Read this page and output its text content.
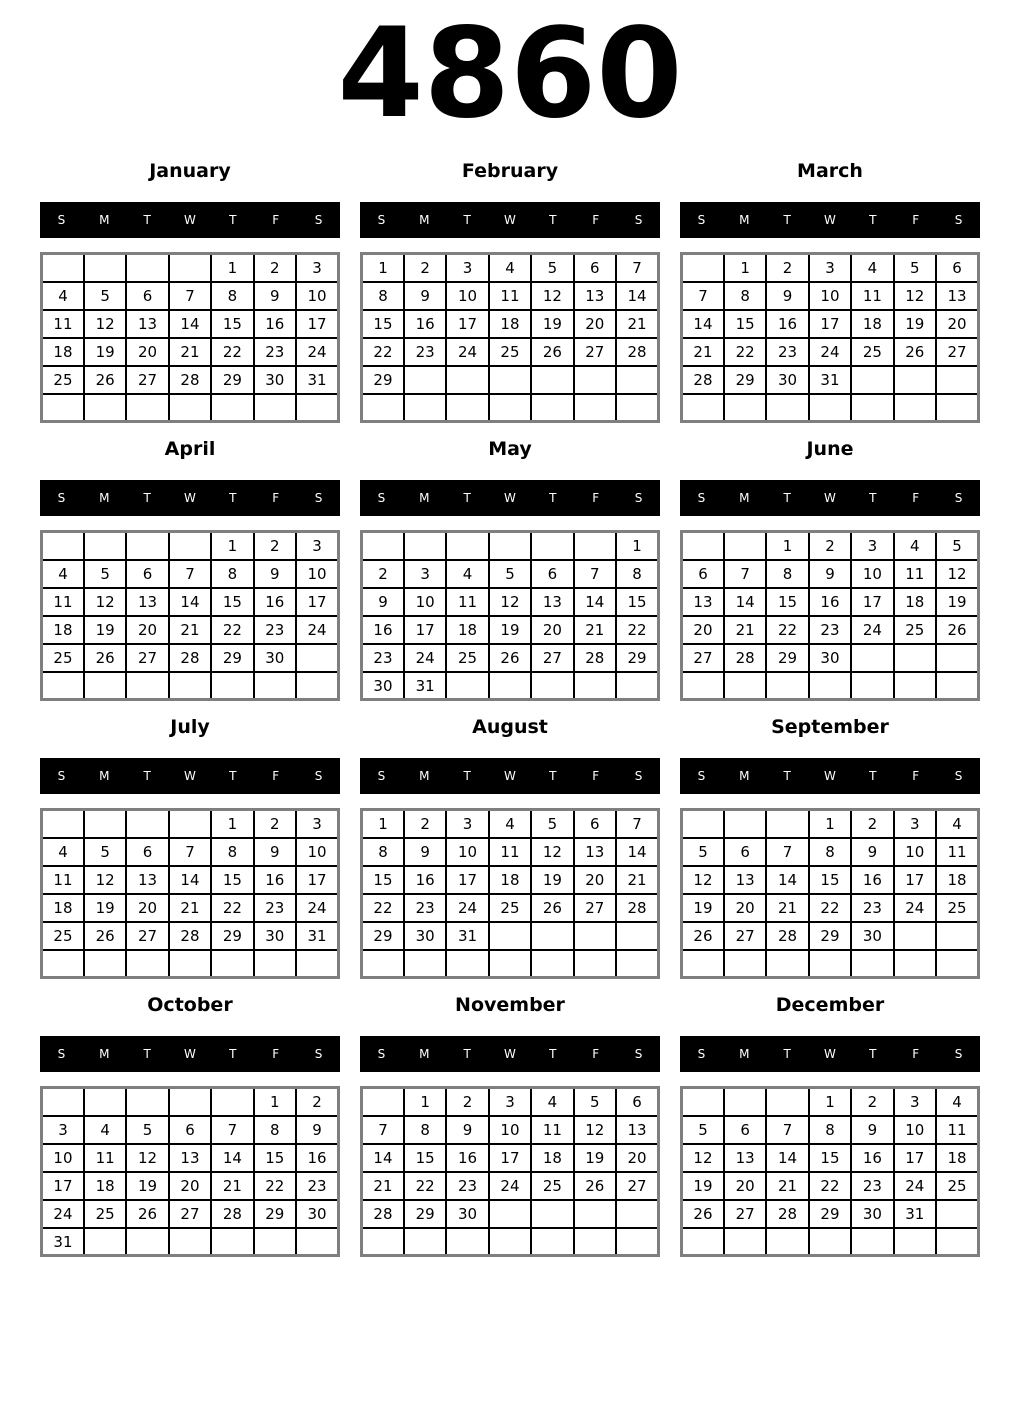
4860
January
S	M	T	W	T	F	S
				1	2	3
4	5	6	7	8	9	10
11	12	13	14	15	16	17
18	19	20	21	22	23	24
25	26	27	28	29	30	31

February
S	M	T	W	T	F	S
1	2	3	4	5	6	7
8	9	10	11	12	13	14
15	16	17	18	19	20	21
22	23	24	25	26	27	28
29						

March
S	M	T	W	T	F	S
	1	2	3	4	5	6
7	8	9	10	11	12	13
14	15	16	17	18	19	20
21	22	23	24	25	26	27
28	29	30	31			

April
S	M	T	W	T	F	S
				1	2	3
4	5	6	7	8	9	10
11	12	13	14	15	16	17
18	19	20	21	22	23	24
25	26	27	28	29	30	

May
S	M	T	W	T	F	S
						1
2	3	4	5	6	7	8
9	10	11	12	13	14	15
16	17	18	19	20	21	22
23	24	25	26	27	28	29
30	31					
June
S	M	T	W	T	F	S
		1	2	3	4	5
6	7	8	9	10	11	12
13	14	15	16	17	18	19
20	21	22	23	24	25	26
27	28	29	30			

July
S	M	T	W	T	F	S
				1	2	3
4	5	6	7	8	9	10
11	12	13	14	15	16	17
18	19	20	21	22	23	24
25	26	27	28	29	30	31

August
S	M	T	W	T	F	S
1	2	3	4	5	6	7
8	9	10	11	12	13	14
15	16	17	18	19	20	21
22	23	24	25	26	27	28
29	30	31				

September
S	M	T	W	T	F	S
			1	2	3	4
5	6	7	8	9	10	11
12	13	14	15	16	17	18
19	20	21	22	23	24	25
26	27	28	29	30		

October
S	M	T	W	T	F	S
					1	2
3	4	5	6	7	8	9
10	11	12	13	14	15	16
17	18	19	20	21	22	23
24	25	26	27	28	29	30
31						
November
S	M	T	W	T	F	S
	1	2	3	4	5	6
7	8	9	10	11	12	13
14	15	16	17	18	19	20
21	22	23	24	25	26	27
28	29	30				

December
S	M	T	W	T	F	S
			1	2	3	4
5	6	7	8	9	10	11
12	13	14	15	16	17	18
19	20	21	22	23	24	25
26	27	28	29	30	31	
